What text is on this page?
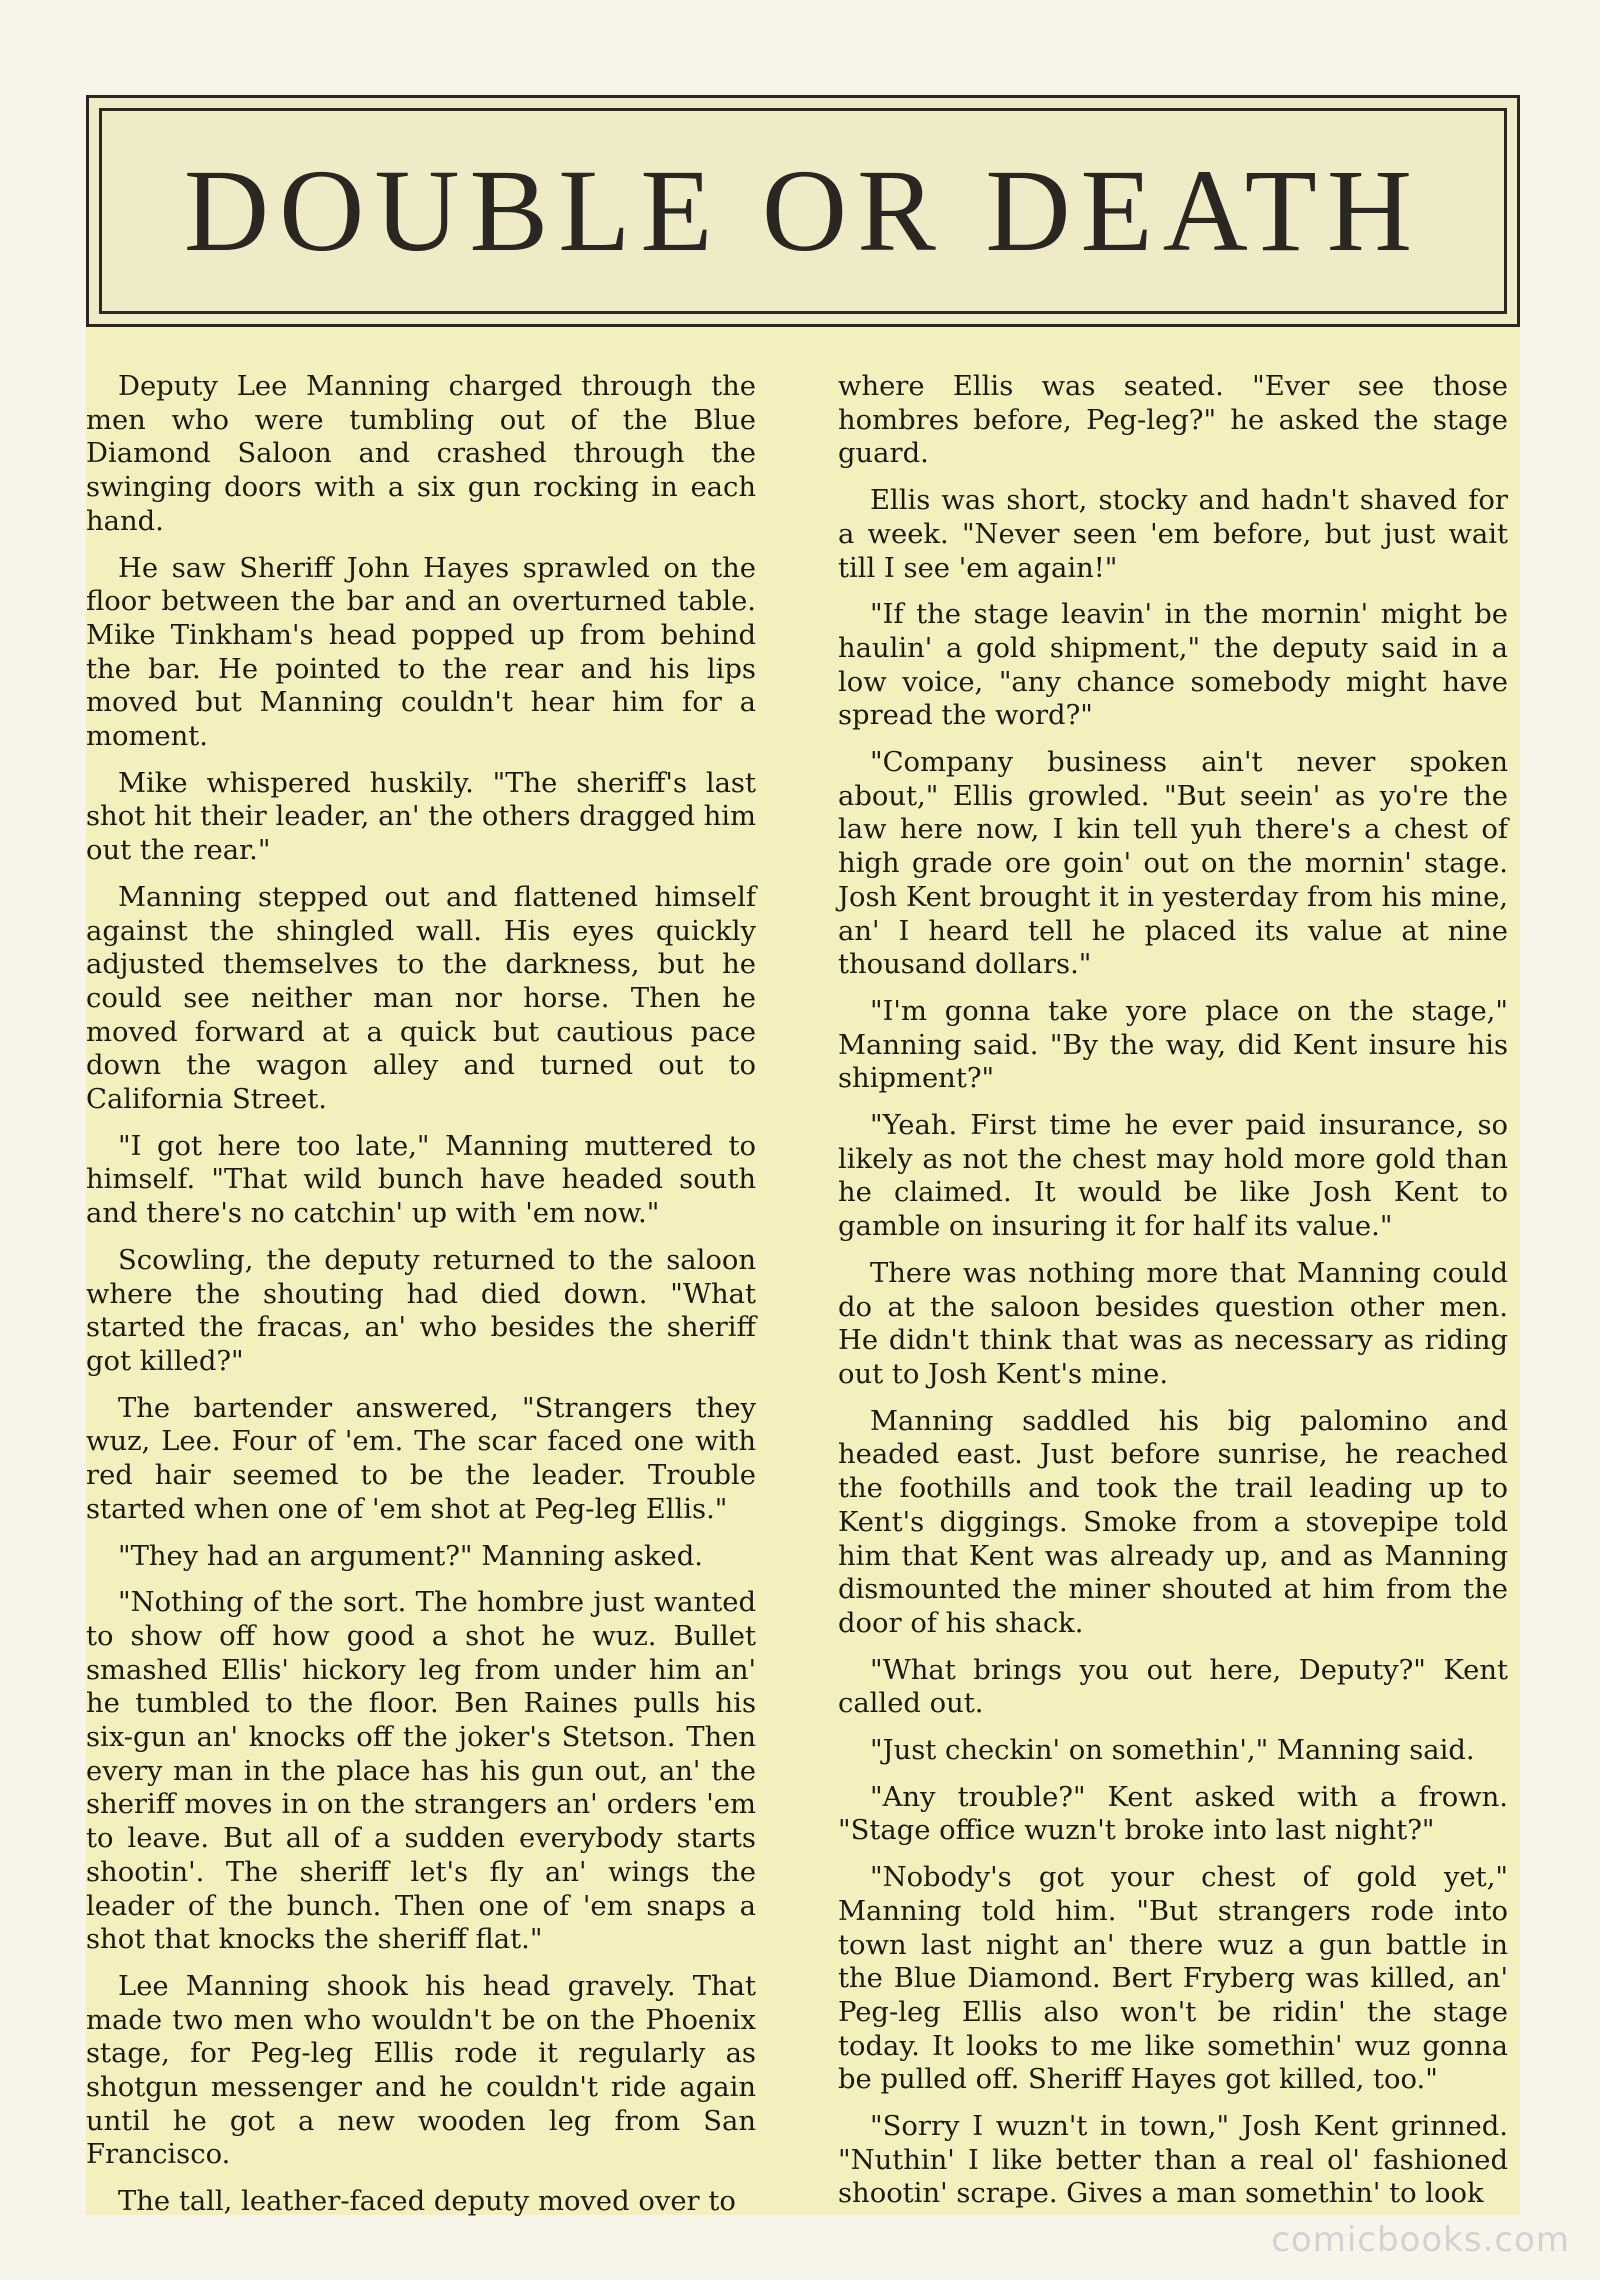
DOUBLE OR DEATH

Deputy Lee Manning charged through the men who were tumbling out of the Blue Diamond Saloon and crashed through the swinging doors with a six gun rocking in each hand.

He saw Sheriff John Hayes sprawled on the floor between the bar and an overturned table. Mike Tinkham's head popped up from behind the bar. He pointed to the rear and his lips moved but Manning couldn't hear him for a moment.

Mike whispered huskily. "The sheriff's last shot hit their leader, an' the others dragged him out the rear."

Manning stepped out and flattened himself against the shingled wall. His eyes quickly adjusted themselves to the darkness, but he could see neither man nor horse. Then he moved forward at a quick but cautious pace down the wagon alley and turned out to California Street.

"I got here too late," Manning muttered to himself. "That wild bunch have headed south and there's no catchin' up with 'em now."

Scowling, the deputy returned to the saloon where the shouting had died down. "What started the fracas, an' who besides the sheriff got killed?"

The bartender answered, "Strangers they wuz, Lee. Four of 'em. The scar faced one with red hair seemed to be the leader. Trouble started when one of 'em shot at Peg-leg Ellis."

"They had an argument?" Manning asked.

"Nothing of the sort. The hombre just wanted to show off how good a shot he wuz. Bullet smashed Ellis' hickory leg from under him an' he tumbled to the floor. Ben Raines pulls his six-gun an' knocks off the joker's Stetson. Then every man in the place has his gun out, an' the sheriff moves in on the strangers an' orders 'em to leave. But all of a sudden everybody starts shootin'. The sheriff let's fly an' wings the leader of the bunch. Then one of 'em snaps a shot that knocks the sheriff flat."

Lee Manning shook his head gravely. That made two men who wouldn't be on the Phoenix stage, for Peg-leg Ellis rode it regularly as shotgun messenger and he couldn't ride again until he got a new wooden leg from San Francisco.

The tall, leather-faced deputy moved over to

where Ellis was seated. "Ever see those hombres before, Peg-leg?" he asked the stage guard.

Ellis was short, stocky and hadn't shaved for a week. "Never seen 'em before, but just wait till I see 'em again!"

"If the stage leavin' in the mornin' might be haulin' a gold shipment," the deputy said in a low voice, "any chance somebody might have spread the word?"

"Company business ain't never spoken about," Ellis growled. "But seein' as yo're the law here now, I kin tell yuh there's a chest of high grade ore goin' out on the mornin' stage. Josh Kent brought it in yesterday from his mine, an' I heard tell he placed its value at nine thousand dollars."

"I'm gonna take yore place on the stage," Manning said. "By the way, did Kent insure his shipment?"

"Yeah. First time he ever paid insurance, so likely as not the chest may hold more gold than he claimed. It would be like Josh Kent to gamble on insuring it for half its value."

There was nothing more that Manning could do at the saloon besides question other men. He didn't think that was as necessary as riding out to Josh Kent's mine.

Manning saddled his big palomino and headed east. Just before sunrise, he reached the foothills and took the trail leading up to Kent's diggings. Smoke from a stovepipe told him that Kent was already up, and as Manning dismounted the miner shouted at him from the door of his shack.

"What brings you out here, Deputy?" Kent called out.

"Just checkin' on somethin'," Manning said.

"Any trouble?" Kent asked with a frown. "Stage office wuzn't broke into last night?"

"Nobody's got your chest of gold yet," Manning told him. "But strangers rode into town last night an' there wuz a gun battle in the Blue Diamond. Bert Fryberg was killed, an' Peg-leg Ellis also won't be ridin' the stage today. It looks to me like somethin' wuz gonna be pulled off. Sheriff Hayes got killed, too."

"Sorry I wuzn't in town," Josh Kent grinned. "Nuthin' I like better than a real ol' fashioned shootin' scrape. Gives a man somethin' to look

comicbooks.com
